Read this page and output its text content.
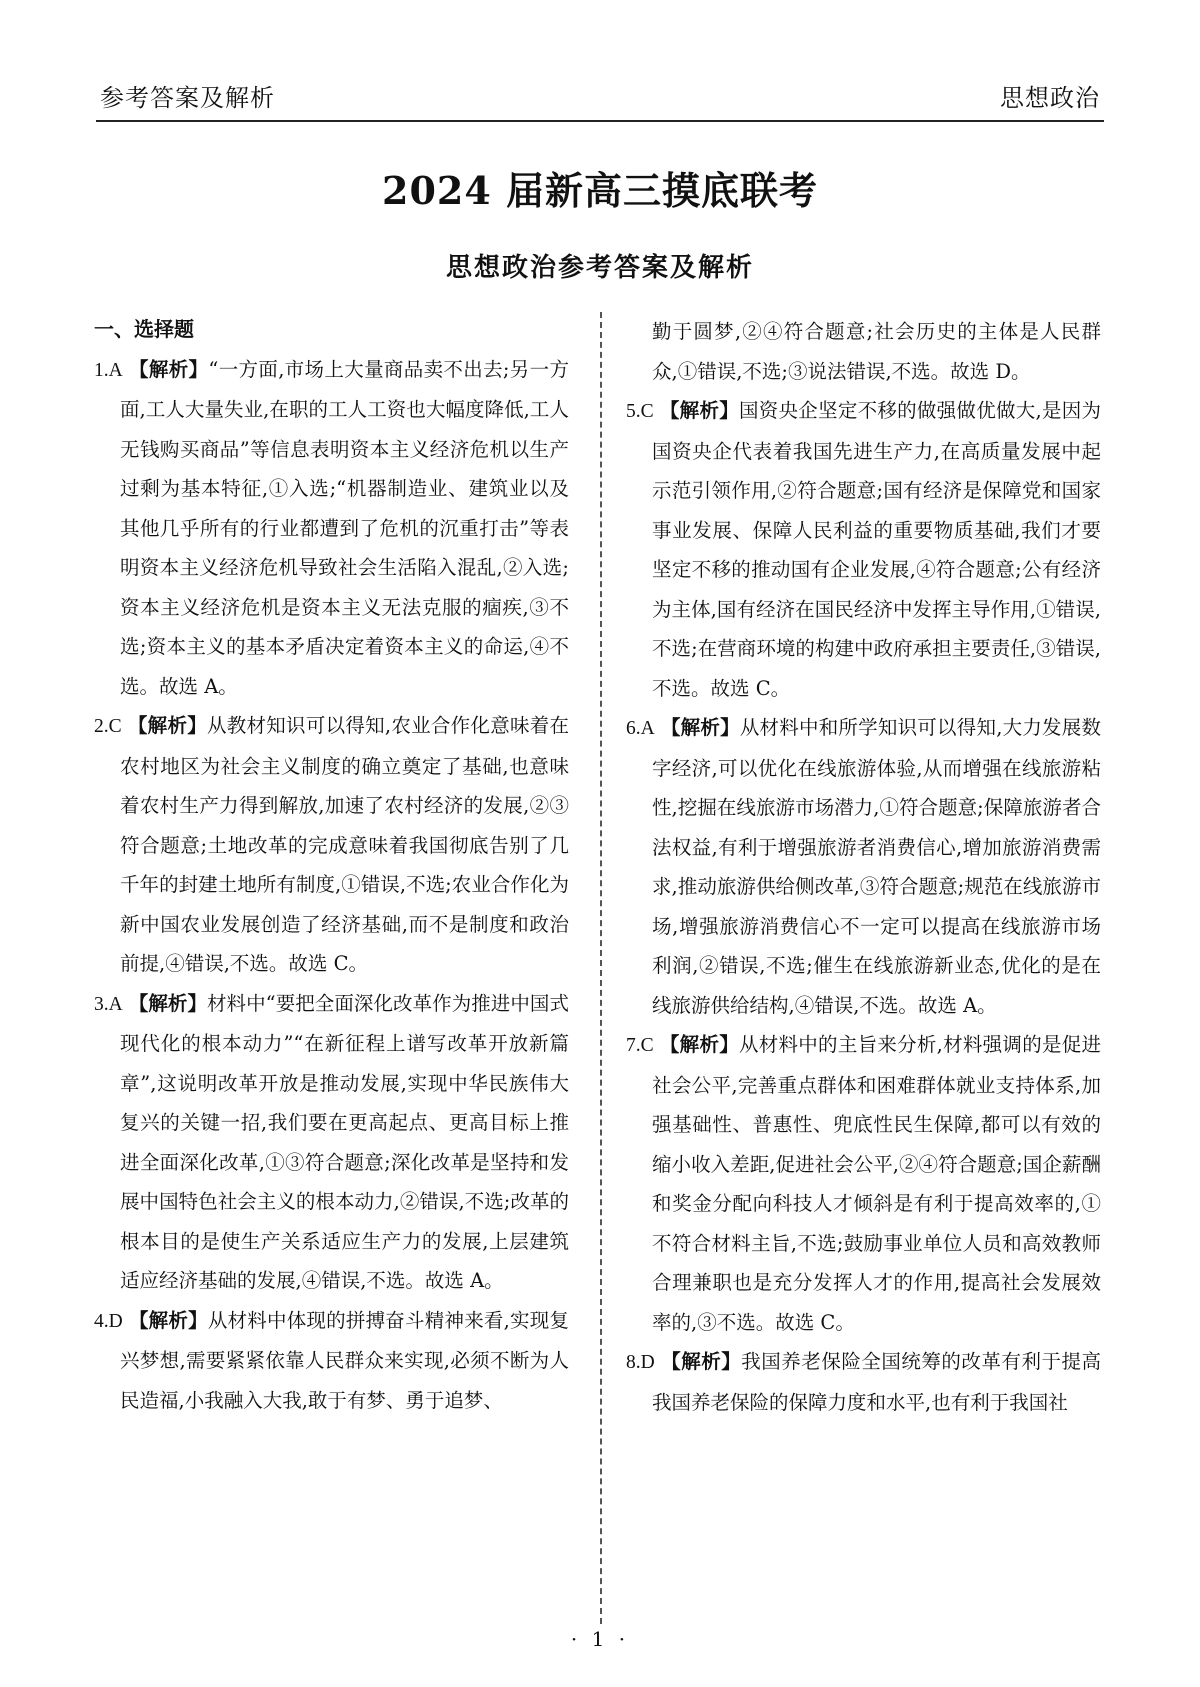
参考答案及解析	思想政治
2024 届新高三摸底联考
思想政治参考答案及解析

一、选择题

1.A 【解析】“一方面,市场上大量商品卖不出去;另一方面,工人大量失业,在职的工人工资也大幅度降低,工人无钱购买商品”等信息表明资本主义经济危机以生产过剩为基本特征,①入选;“机器制造业、建筑业以及其他几乎所有的行业都遭到了危机的沉重打击”等表明资本主义经济危机导致社会生活陷入混乱,②入选;资本主义经济危机是资本主义无法克服的痼疾,③不选;资本主义的基本矛盾决定着资本主义的命运,④不选。故选 A。

2.C 【解析】从教材知识可以得知,农业合作化意味着在农村地区为社会主义制度的确立奠定了基础,也意味着农村生产力得到解放,加速了农村经济的发展,②③符合题意;土地改革的完成意味着我国彻底告别了几千年的封建土地所有制度,①错误,不选;农业合作化为新中国农业发展创造了经济基础,而不是制度和政治前提,④错误,不选。故选 C。

3.A 【解析】材料中“要把全面深化改革作为推进中国式现代化的根本动力”“在新征程上谱写改革开放新篇章”,这说明改革开放是推动发展,实现中华民族伟大复兴的关键一招,我们要在更高起点、更高目标上推进全面深化改革,①③符合题意;深化改革是坚持和发展中国特色社会主义的根本动力,②错误,不选;改革的根本目的是使生产关系适应生产力的发展,上层建筑适应经济基础的发展,④错误,不选。故选 A。

4.D 【解析】从材料中体现的拼搏奋斗精神来看,实现复兴梦想,需要紧紧依靠人民群众来实现,必须不断为人民造福,小我融入大我,敢于有梦、勇于追梦、

勤于圆梦,②④符合题意;社会历史的主体是人民群众,①错误,不选;③说法错误,不选。故选 D。

5.C 【解析】国资央企坚定不移的做强做优做大,是因为国资央企代表着我国先进生产力,在高质量发展中起示范引领作用,②符合题意;国有经济是保障党和国家事业发展、保障人民利益的重要物质基础,我们才要坚定不移的推动国有企业发展,④符合题意;公有经济为主体,国有经济在国民经济中发挥主导作用,①错误,不选;在营商环境的构建中政府承担主要责任,③错误,不选。故选 C。

6.A 【解析】从材料中和所学知识可以得知,大力发展数字经济,可以优化在线旅游体验,从而增强在线旅游粘性,挖掘在线旅游市场潜力,①符合题意;保障旅游者合法权益,有利于增强旅游者消费信心,增加旅游消费需求,推动旅游供给侧改革,③符合题意;规范在线旅游市场,增强旅游消费信心不一定可以提高在线旅游市场利润,②错误,不选;催生在线旅游新业态,优化的是在线旅游供给结构,④错误,不选。故选 A。

7.C 【解析】从材料中的主旨来分析,材料强调的是促进社会公平,完善重点群体和困难群体就业支持体系,加强基础性、普惠性、兜底性民生保障,都可以有效的缩小收入差距,促进社会公平,②④符合题意;国企薪酬和奖金分配向科技人才倾斜是有利于提高效率的,①不符合材料主旨,不选;鼓励事业单位人员和高效教师合理兼职也是充分发挥人才的作用,提高社会发展效率的,③不选。故选 C。

8.D 【解析】我国养老保险全国统筹的改革有利于提高我国养老保险的保障力度和水平,也有利于我国社

· 1 ·
